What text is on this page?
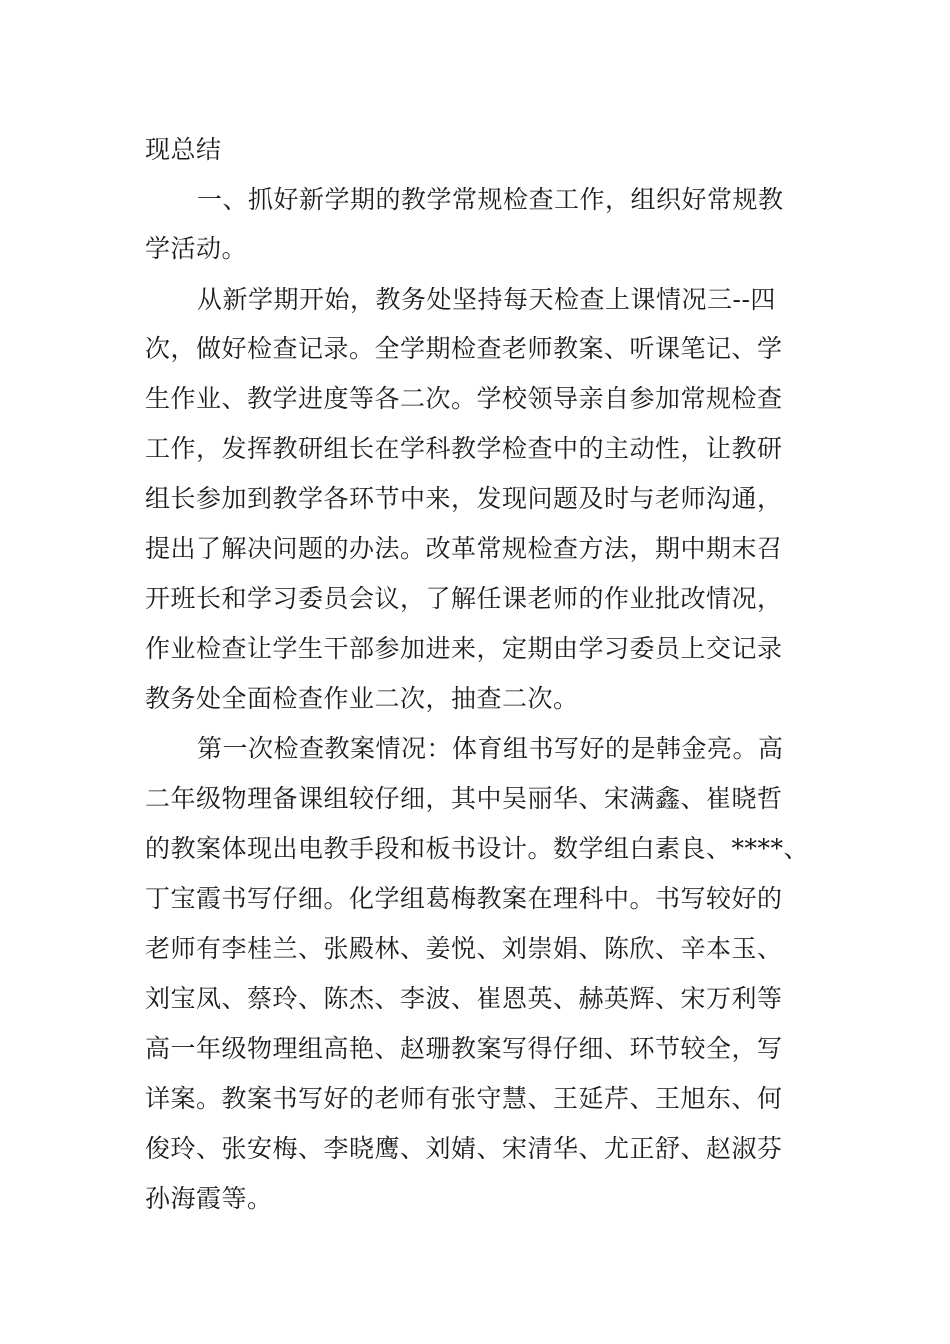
现总结
一、抓好新学期的教学常规检查工作，组织好常规教
学活动。
从新学期开始，教务处坚持每天检查上课情况三--四
次，做好检查记录。全学期检查老师教案、听课笔记、学
生作业、教学进度等各二次。学校领导亲自参加常规检查
工作，发挥教研组长在学科教学检查中的主动性，让教研
组长参加到教学各环节中来，发现问题及时与老师沟通，
提出了解决问题的办法。改革常规检查方法，期中期末召
开班长和学习委员会议，了解任课老师的作业批改情况，
作业检查让学生干部参加进来，定期由学习委员上交记录
教务处全面检查作业二次，抽查二次。
第一次检查教案情况：体育组书写好的是韩金亮。高
二年级物理备课组较仔细，其中吴丽华、宋满鑫、崔晓哲
的教案体现出电教手段和板书设计。数学组白素良、****、
丁宝霞书写仔细。化学组葛梅教案在理科中。书写较好的
老师有李桂兰、张殿林、姜悦、刘崇娟、陈欣、辛本玉、
刘宝凤、蔡玲、陈杰、李波、崔恩英、赫英辉、宋万利等
高一年级物理组高艳、赵珊教案写得仔细、环节较全，写
详案。教案书写好的老师有张守慧、王延芹、王旭东、何
俊玲、张安梅、李晓鹰、刘婧、宋清华、尤正舒、赵淑芬
孙海霞等。
